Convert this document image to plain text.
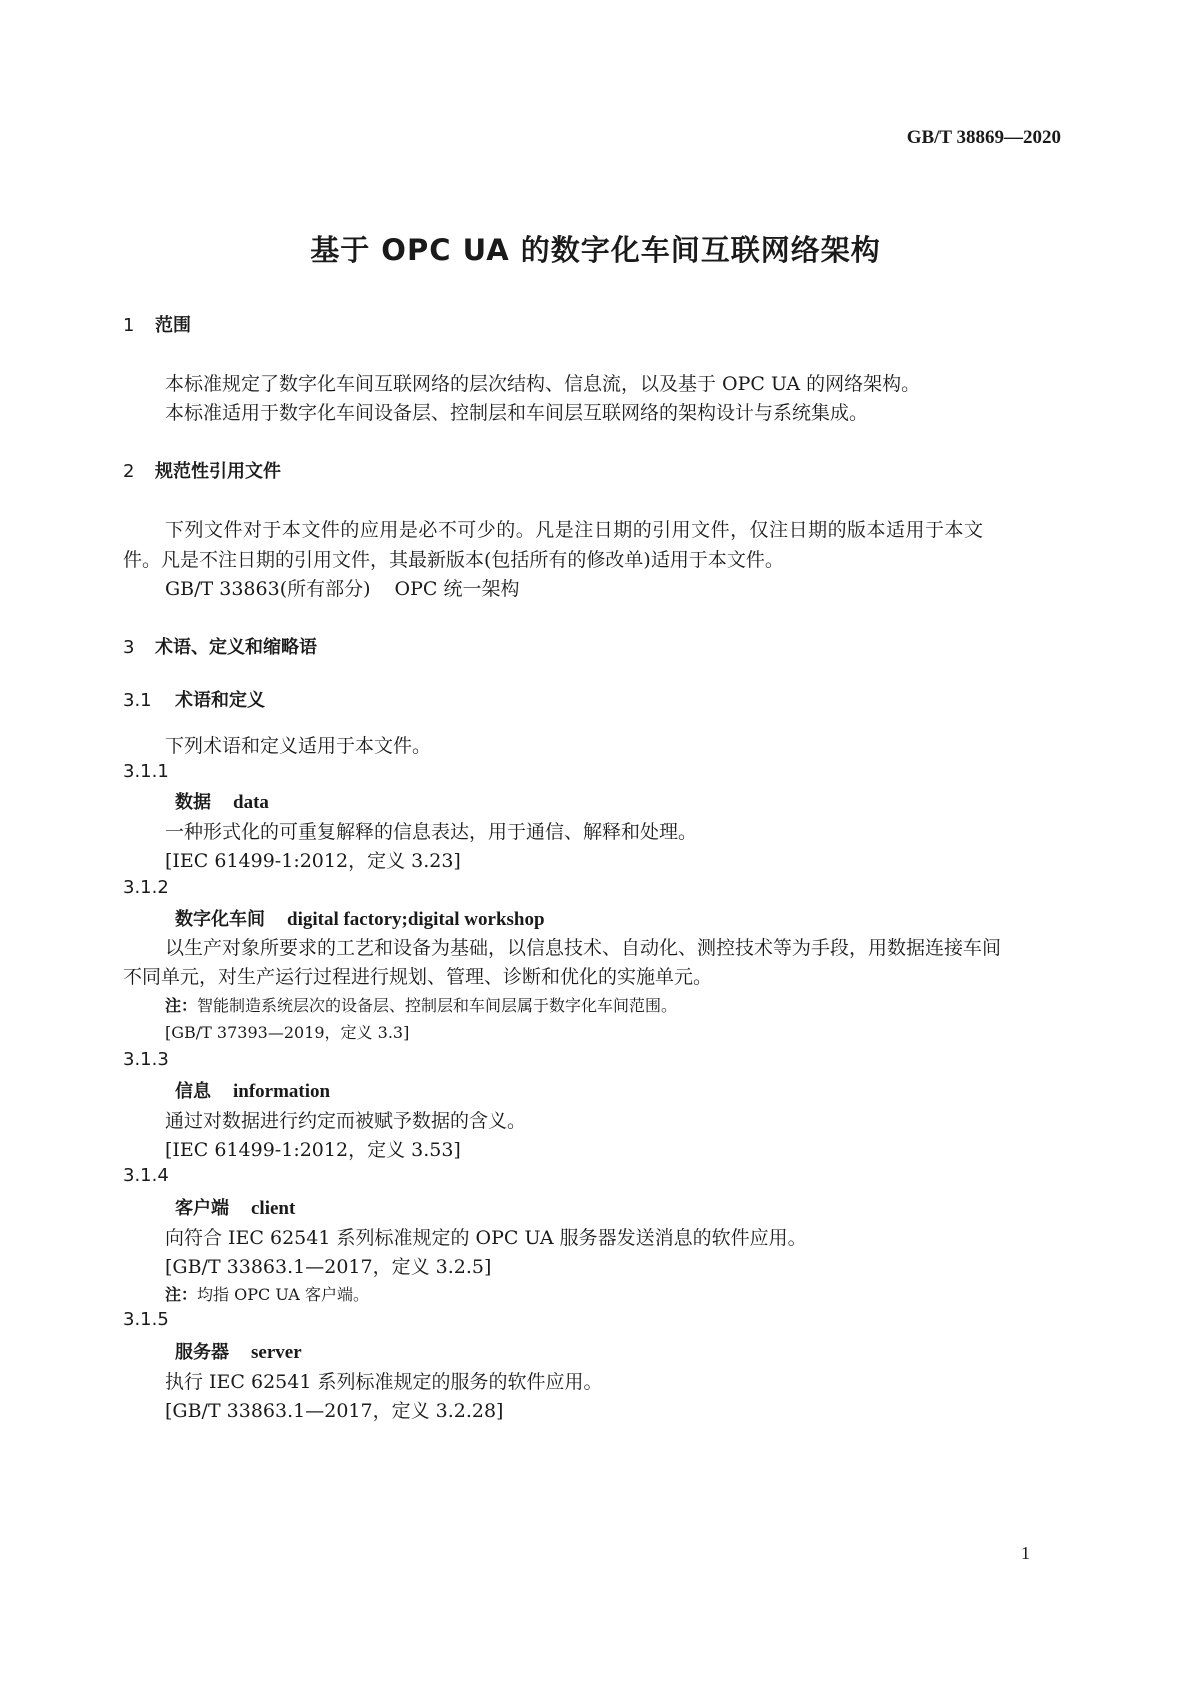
GB/T 38869—2020
基于 OPC UA 的数字化车间互联网络架构
1 范围
本标准规定了数字化车间互联网络的层次结构、信息流，以及基于 OPC UA 的网络架构。
本标准适用于数字化车间设备层、控制层和车间层互联网络的架构设计与系统集成。
2 规范性引用文件
下列文件对于本文件的应用是必不可少的。凡是注日期的引用文件，仅注日期的版本适用于本文
件。凡是不注日期的引用文件，其最新版本(包括所有的修改单)适用于本文件。
GB/T 33863(所有部分) OPC 统一架构
3 术语、定义和缩略语
3.1 术语和定义
下列术语和定义适用于本文件。
3.1.1
数据 data
一种形式化的可重复解释的信息表达，用于通信、解释和处理。
[IEC 61499-1:2012，定义 3.23]
3.1.2
数字化车间 digital factory;digital workshop
以生产对象所要求的工艺和设备为基础，以信息技术、自动化、测控技术等为手段，用数据连接车间
不同单元，对生产运行过程进行规划、管理、诊断和优化的实施单元。
注：智能制造系统层次的设备层、控制层和车间层属于数字化车间范围。
[GB/T 37393—2019，定义 3.3]
3.1.3
信息 information
通过对数据进行约定而被赋予数据的含义。
[IEC 61499-1:2012，定义 3.53]
3.1.4
客户端 client
向符合 IEC 62541 系列标准规定的 OPC UA 服务器发送消息的软件应用。
[GB/T 33863.1—2017，定义 3.2.5]
注：均指 OPC UA 客户端。
3.1.5
服务器 server
执行 IEC 62541 系列标准规定的服务的软件应用。
[GB/T 33863.1—2017，定义 3.2.28]
1
